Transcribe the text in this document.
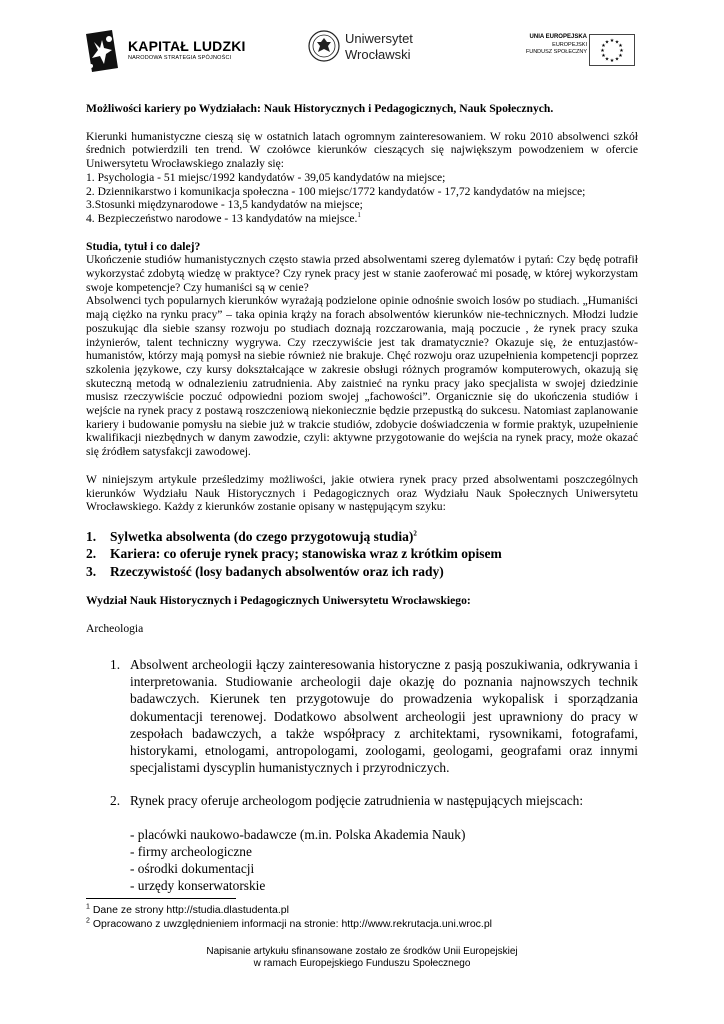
KAPITAŁ LUDZKI
NARODOWA STRATEGIA SPÓJNOŚCI
Uniwersytet
Wrocławski
UNIA EUROPEJSKA
EUROPEJSKI
FUNDUSZ SPOŁECZNY
★ ★
★
★
★
★
★
★
★
★
★
★

Możliwości kariery po Wydziałach: Nauk Historycznych i Pedagogicznych, Nauk Społecznych.

Kierunki humanistyczne cieszą się w ostatnich latach ogromnym zainteresowaniem. W roku 2010 absolwenci szkół średnich potwierdzili ten trend. W czołówce kierunków cieszących się największym powodzeniem w ofercie Uniwersytetu Wrocławskiego znalazły się:

1. Psychologia - 51 miejsc/1992 kandydatów - 39,05 kandydatów na miejsce;

2. Dziennikarstwo i komunikacja społeczna - 100 miejsc/1772 kandydatów - 17,72 kandydatów na miejsce;

3.Stosunki międzynarodowe - 13,5 kandydatów na miejsce;

4. Bezpieczeństwo narodowe - 13 kandydatów na miejsce.$^1$

Studia, tytuł i co dalej?

Ukończenie studiów humanistycznych często stawia przed absolwentami szereg dylematów i pytań: Czy będę potrafił wykorzystać zdobytą wiedzę w praktyce? Czy rynek pracy jest w stanie zaoferować mi posadę, w której wykorzystam swoje kompetencje? Czy humaniści są w cenie?

Absolwenci tych popularnych kierunków wyrażają podzielone opinie odnośnie swoich losów po studiach. „Humaniści mają ciężko na rynku pracy” – taka opinia krąży na forach absolwentów kierunków nie-technicznych. Młodzi ludzie poszukując dla siebie szansy rozwoju po studiach doznają rozczarowania, mają poczucie , że rynek pracy szuka inżynierów, talent techniczny wygrywa. Czy rzeczywiście jest tak dramatycznie? Okazuje się, że entuzjastów-humanistów, którzy mają pomysł na siebie również nie brakuje. Chęć rozwoju oraz uzupełnienia kompetencji poprzez szkolenia językowe, czy kursy dokształcające w zakresie obsługi różnych programów komputerowych, okazują się skuteczną metodą w odnalezieniu zatrudnienia. Aby zaistnieć na rynku pracy jako specjalista w swojej dziedzinie musisz rzeczywiście poczuć odpowiedni poziom swojej „fachowości”. Organicznie się do ukończenia studiów i wejście na rynek pracy z postawą roszczeniową niekoniecznie będzie przepustką do sukcesu. Natomiast zaplanowanie kariery i budowanie pomysłu na siebie już w trakcie studiów, zdobycie doświadczenia w formie praktyk, uzupełnienie kwalifikacji niezbędnych w danym zawodzie, czyli: aktywne przygotowanie do wejścia na rynek pracy, może okazać się źródłem satysfakcji zawodowej.

W niniejszym artykule prześledzimy możliwości, jakie otwiera rynek pracy przed absolwentami poszczególnych kierunków Wydziału Nauk Historycznych i Pedagogicznych oraz Wydziału Nauk Społecznych Uniwersytetu Wrocławskiego. Każdy z kierunków zostanie opisany w następującym szyku:

1. Sylwetka absolwenta (do czego przygotowują studia)$^2$
2. Kariera: co oferuje rynek pracy; stanowiska wraz z krótkim opisem
3. Rzeczywistość (losy badanych absolwentów oraz ich rady)

Wydział Nauk Historycznych i Pedagogicznych Uniwersytetu Wrocławskiego:

Archeologia

1. Absolwent archeologii łączy zainteresowania historyczne z pasją poszukiwania, odkrywania i interpretowania. Studiowanie archeologii daje okazję do poznania najnowszych technik badawczych. Kierunek ten przygotowuje do prowadzenia wykopalisk i sporządzania dokumentacji terenowej. Dodatkowo absolwent archeologii jest uprawniony do pracy w zespołach badawczych, a także współpracy z architektami, rysownikami, fotografami, historykami, etnologami, antropologami, zoologami, geologami, geografami oraz innymi specjalistami dyscyplin humanistycznych i przyrodniczych.
2. Rynek pracy oferuje archeologom podjęcie zatrudnienia w następujących miejscach:
- placówki naukowo-badawcze (m.in. Polska Akademia Nauk)
- firmy archeologiczne
- ośrodki dokumentacji
- urzędy konserwatorskie
$^1$ Dane ze strony http://studia.dlastudenta.pl
$^2$ Opracowano z uwzględnieniem informacji na stronie: http://www.rekrutacja.uni.wroc.pl
Napisanie artykułu sfinansowane zostało ze środków Unii Europejskiej
w ramach Europejskiego Funduszu Społecznego
